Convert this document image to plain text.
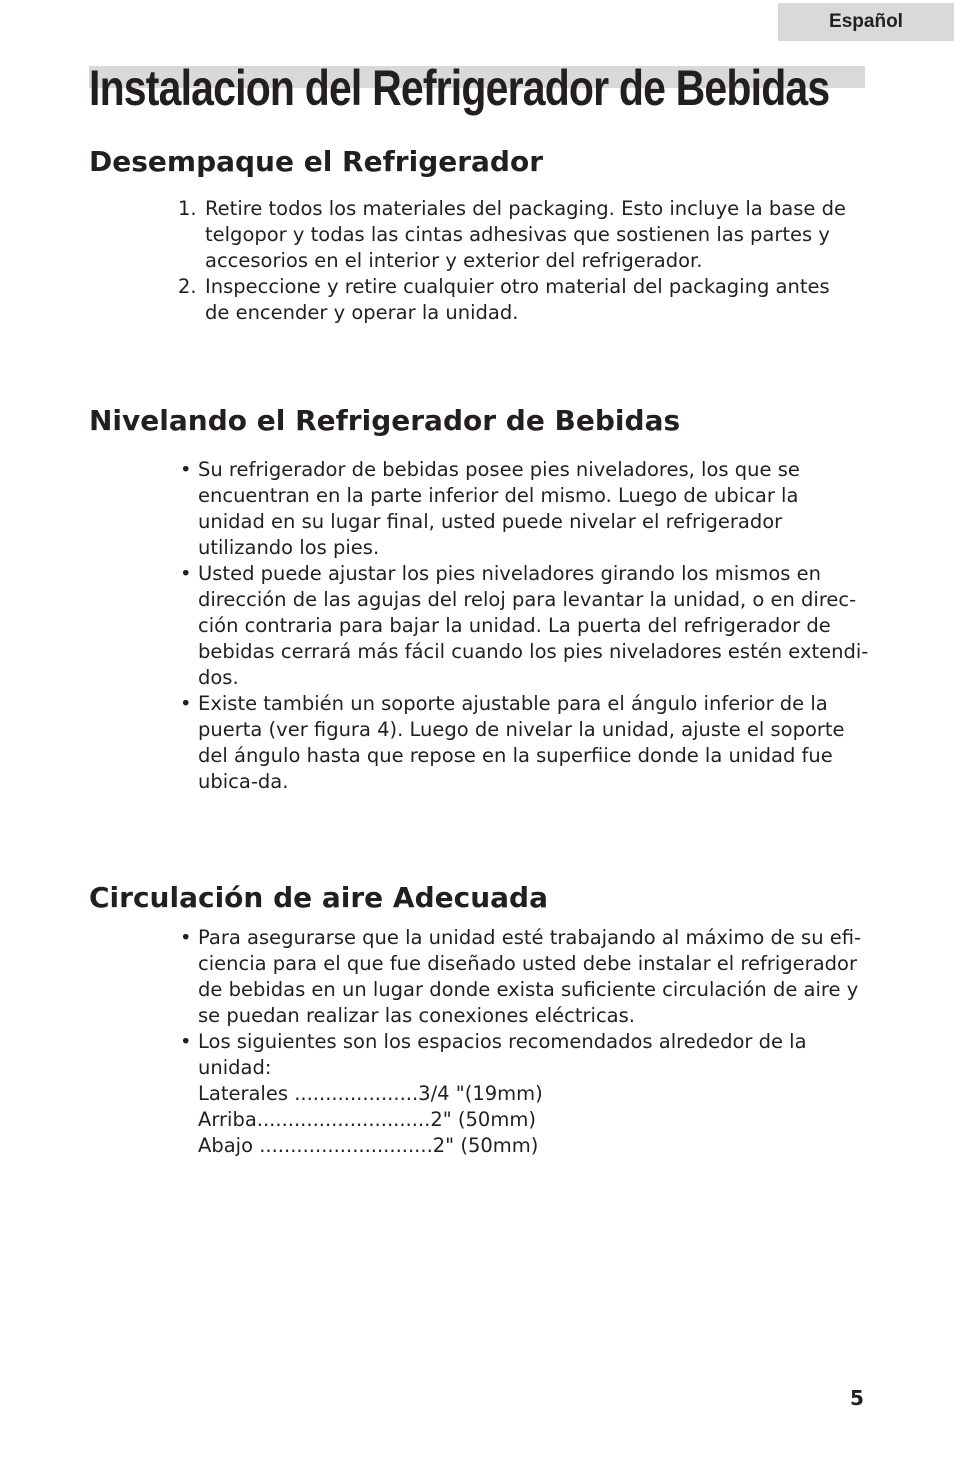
Español
Instalacion del Refrigerador de Bebidas
Desempaque el Refrigerador
1. Retire todos los materiales del packaging. Esto incluye la base de telgopor y todas las cintas adhesivas que sostienen las partes y accesorios en el interior y exterior del refrigerador.
2. Inspeccione y retire cualquier otro material del packaging antes de encender y operar la unidad.
Nivelando el Refrigerador de Bebidas
• Su refrigerador de bebidas posee pies niveladores, los que se encuentran en la parte inferior del mismo. Luego de ubicar la unidad en su lugar final, usted puede nivelar el refrigerador utilizando los pies.
• Usted puede ajustar los pies niveladores girando los mismos en dirección de las agujas del reloj para levantar la unidad, o en direc-ción contraria para bajar la unidad. La puerta del refrigerador de bebidas cerrará más fácil cuando los pies niveladores estén extendi-dos.
• Existe también un soporte ajustable para el ángulo inferior de la puerta (ver figura 4). Luego de nivelar la unidad, ajuste el soporte del ángulo hasta que repose en la superfiice donde la unidad fue ubica-da.
Circulación de aire Adecuada
• Para asegurarse que la unidad esté trabajando al máximo de su efi-ciencia para el que fue diseñado usted debe instalar el refrigerador de bebidas en un lugar donde exista suficiente circulación de aire y se puedan realizar las conexiones eléctricas.
• Los siguientes son los espacios recomendados alrededor de la unidad:
Laterales ....................3/4 "(19mm)
Arriba............................2" (50mm)
Abajo ............................2" (50mm)
5
